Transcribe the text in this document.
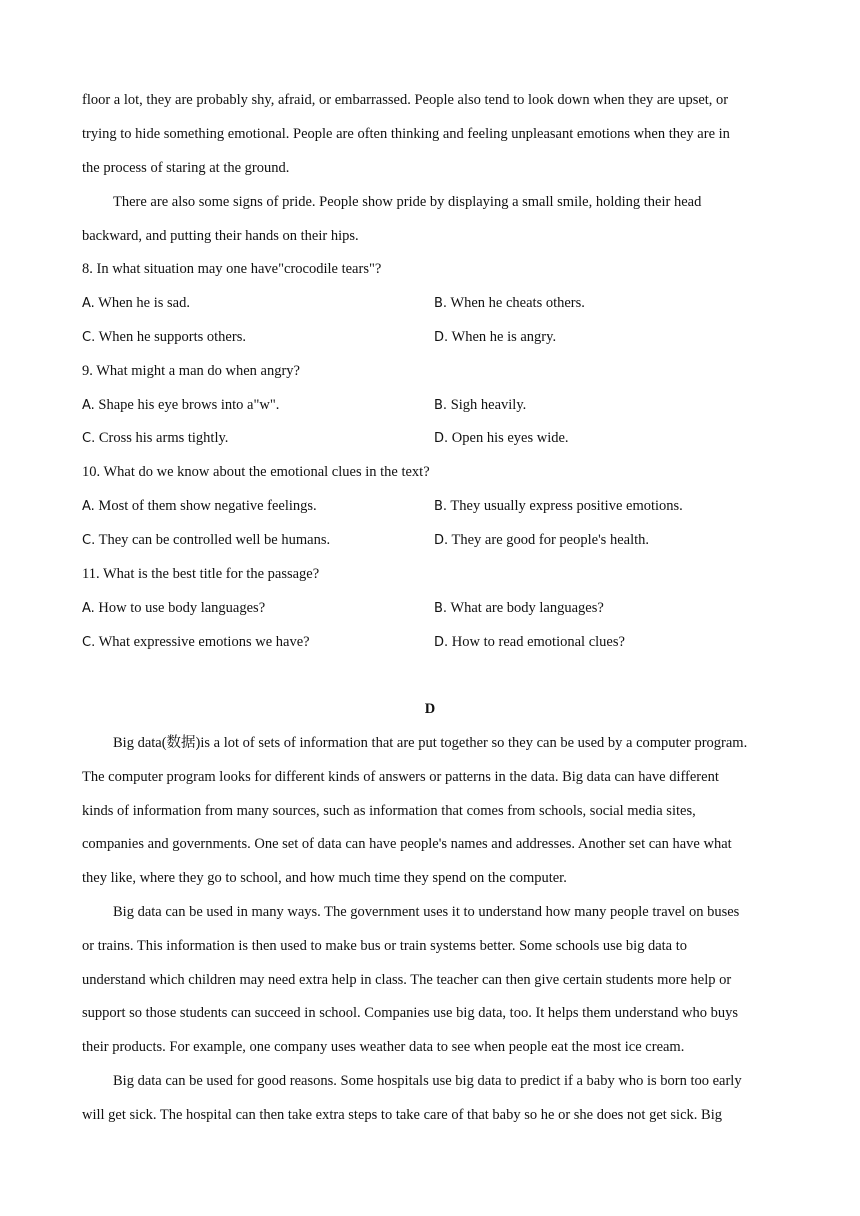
floor a lot, they are probably shy, afraid, or embarrassed. People also tend to look down when they are upset, or
trying to hide something emotional. People are often thinking and feeling unpleasant emotions when they are in
the process of staring at the ground.
There are also some signs of pride. People show pride by displaying a small smile, holding their head
backward, and putting their hands on their hips.
8. In what situation may one have"crocodile tears"?
A. When he is sad.	B. When he cheats others.
C. When he supports others.	D. When he is angry.
9. What might a man do when angry?
A. Shape his eye brows into a"w".	B. Sigh heavily.
C. Cross his arms tightly.	D. Open his eyes wide.
10. What do we know about the emotional clues in the text?
A. Most of them show negative feelings.	B. They usually express positive emotions.
C. They can be controlled well be humans.	D. They are good for people's health.
11. What is the best title for the passage?
A. How to use body languages?	B. What are body languages?
C. What expressive emotions we have?	D. How to read emotional clues?
D
Big data(数据)is a lot of sets of information that are put together so they can be used by a computer program.
The computer program looks for different kinds of answers or patterns in the data. Big data can have different
kinds of information from many sources, such as information that comes from schools, social media sites,
companies and governments. One set of data can have people's names and addresses. Another set can have what
they like, where they go to school, and how much time they spend on the computer.
Big data can be used in many ways. The government uses it to understand how many people travel on buses
or trains. This information is then used to make bus or train systems better. Some schools use big data to
understand which children may need extra help in class. The teacher can then give certain students more help or
support so those students can succeed in school. Companies use big data, too. It helps them understand who buys
their products. For example, one company uses weather data to see when people eat the most ice cream.
Big data can be used for good reasons. Some hospitals use big data to predict if a baby who is born too early
will get sick. The hospital can then take extra steps to take care of that baby so he or she does not get sick. Big
